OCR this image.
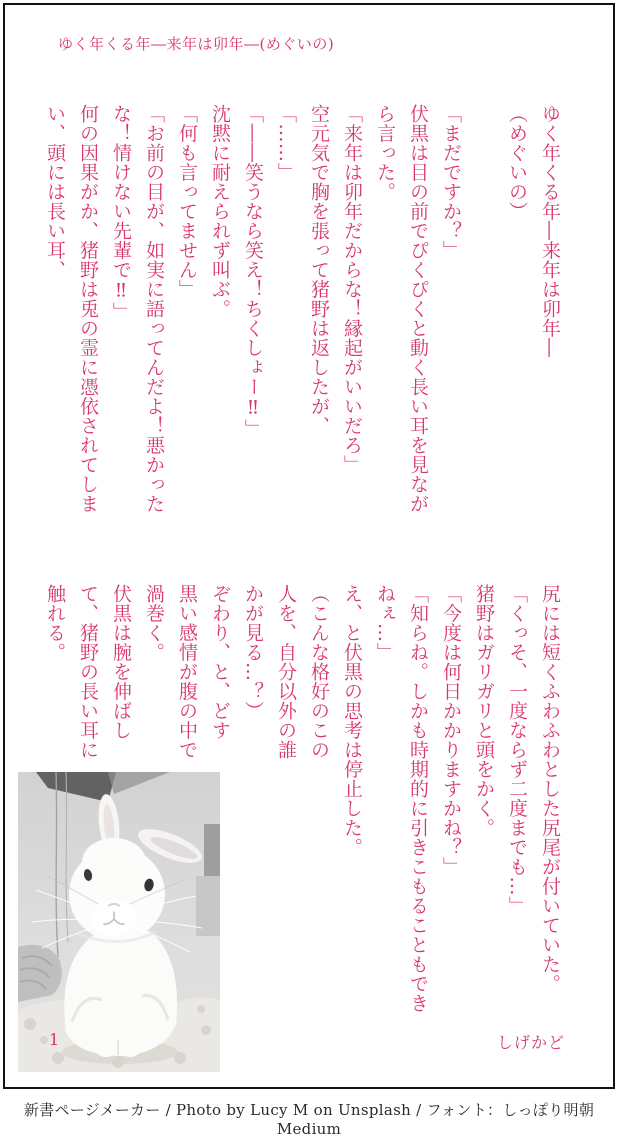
ゆく年くる年―来年は卯年―(めぐいの)

ゆく年くる年―来年は卯年―

（めぐいの）

「まだですか？」

伏黒は目の前でぴくぴくと動く長い耳を見なが

ら言った。

「来年は卯年だからな！縁起がいいだろ」

空元気で胸を張って猪野は返したが、

「……」

「――笑うなら笑え！ちくしょー‼」

沈黙に耐えられず叫ぶ。

「何も言ってません」

「お前の目が、如実に語ってんだよ！悪かった

な！情けない先輩で‼」

何の因果がか、猪野は兎の霊に憑依されてしま

い、頭には長い耳、

尻には短くふわふわとした尻尾が付いていた。

「くっそ、一度ならず二度までも…」

猪野はガリガリと頭をかく。

「今度は何日かかりますかね？」

「知らね。しかも時期的に引きこもることもでき

ねぇ…」

え、と伏黒の思考は停止した。

（こんな格好のこの

人を、自分以外の誰

かが見る…？）

ぞわり、と、どす

黒い感情が腹の中で

渦巻く。

伏黒は腕を伸ばし

て、猪野の長い耳に

触れる。

1	しげかど
新書ページメーカー / Photo by Lucy M on Unsplash / フォント：しっぽり明朝Medium
